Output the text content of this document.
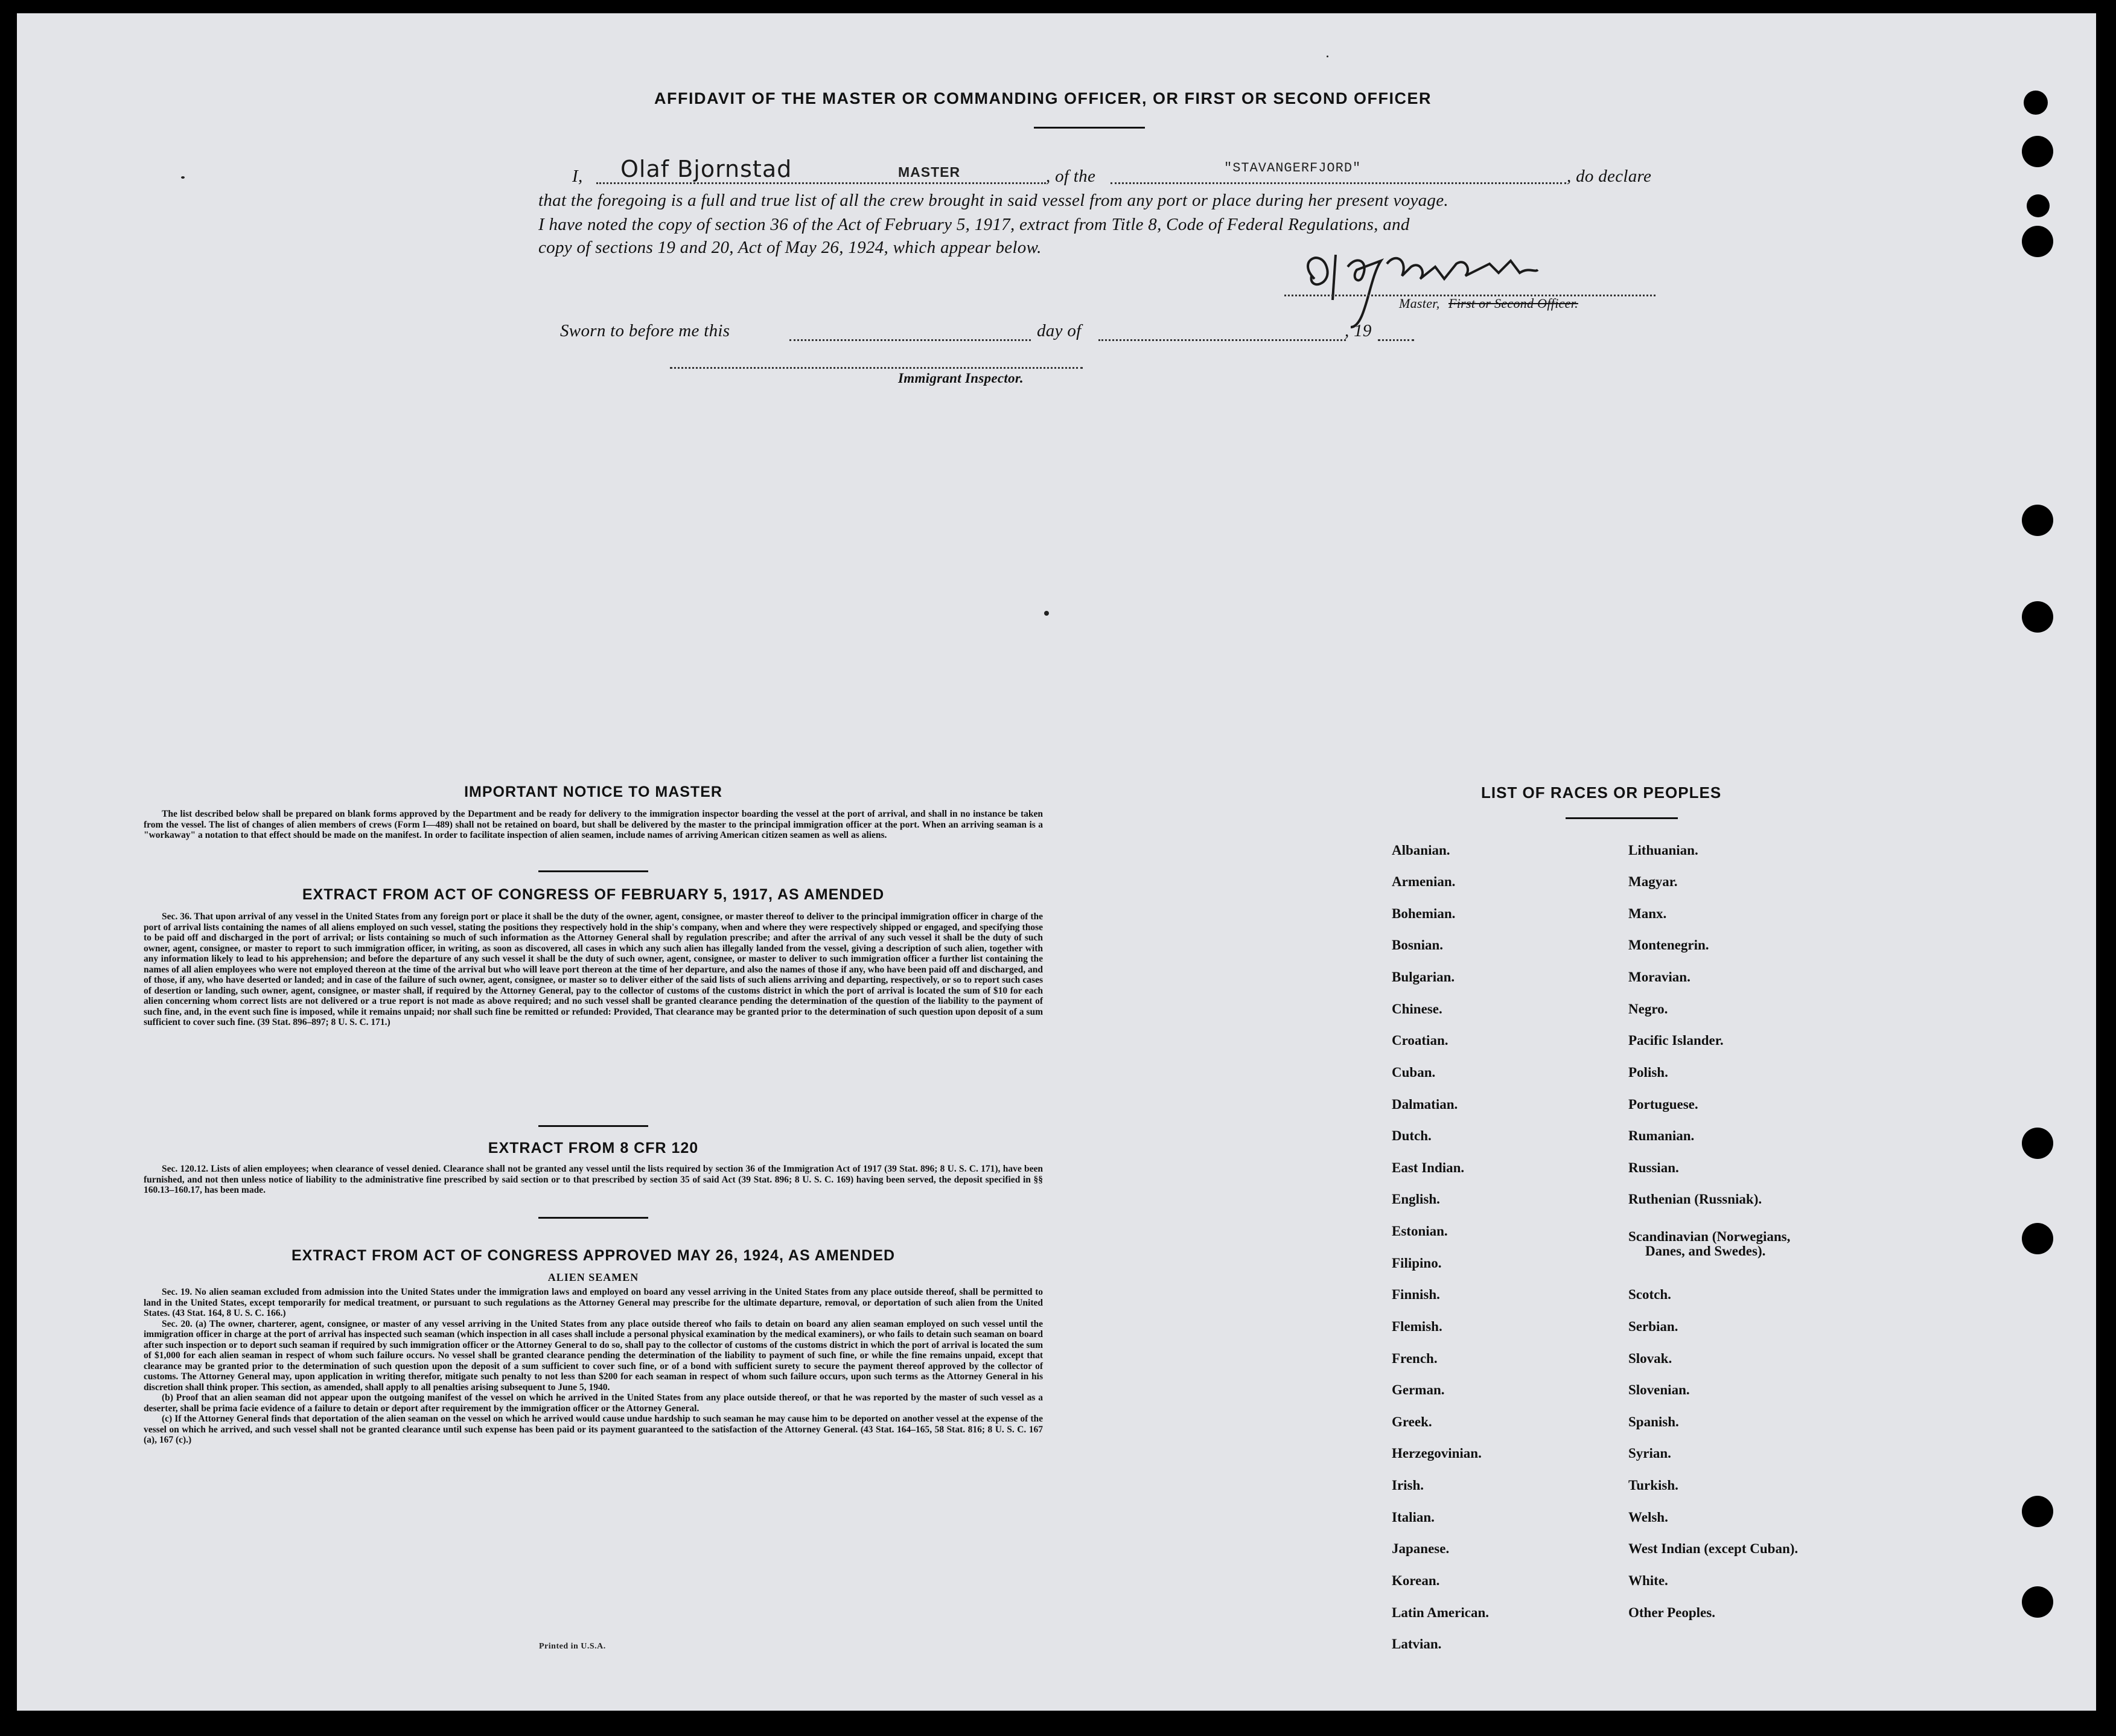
AFFIDAVIT OF THE MASTER OR COMMANDING OFFICER, OR FIRST OR SECOND OFFICER
I, Olaf Bjornstad	MASTER	, of the	"STAVANGERFJORD"	, do declare
that the foregoing is a full and true list of all the crew brought in said vessel from any port or place during her present voyage.
I have noted the copy of section 36 of the Act of February 5, 1917, extract from Title 8, Code of Federal Regulations, and
copy of sections 19 and 20, Act of May 26, 1924, which appear below.
Master, First or Second Officer.
Sworn to before me this	day of	, 19
Immigrant Inspector.
IMPORTANT NOTICE TO MASTER

The list described below shall be prepared on blank forms approved by the Department and be ready for delivery to the immigration inspector boarding the vessel at the port of arrival, and shall in no instance be taken from the vessel. The list of changes of alien members of crews (Form I—489) shall not be retained on board, but shall be delivered by the master to the principal immigration officer at the port. When an arriving seaman is a "workaway" a notation to that effect should be made on the manifest. In order to facilitate inspection of alien seamen, include names of arriving American citizen seamen as well as aliens.

EXTRACT FROM ACT OF CONGRESS OF FEBRUARY 5, 1917, AS AMENDED

Sec. 36. That upon arrival of any vessel in the United States from any foreign port or place it shall be the duty of the owner, agent, consignee, or master thereof to deliver to the principal immigration officer in charge of the port of arrival lists containing the names of all aliens employed on such vessel, stating the positions they respectively hold in the ship's company, when and where they were respectively shipped or engaged, and specifying those to be paid off and discharged in the port of arrival; or lists containing so much of such information as the Attorney General shall by regulation prescribe; and after the arrival of any such vessel it shall be the duty of such owner, agent, consignee, or master to report to such immigration officer, in writing, as soon as discovered, all cases in which any such alien has illegally landed from the vessel, giving a description of such alien, together with any information likely to lead to his apprehension; and before the departure of any such vessel it shall be the duty of such owner, agent, consignee, or master to deliver to such immigration officer a further list containing the names of all alien employees who were not employed thereon at the time of the arrival but who will leave port thereon at the time of her departure, and also the names of those if any, who have been paid off and discharged, and of those, if any, who have deserted or landed; and in case of the failure of such owner, agent, consignee, or master so to deliver either of the said lists of such aliens arriving and departing, respectively, or so to report such cases of desertion or landing, such owner, agent, consignee, or master shall, if required by the Attorney General, pay to the collector of customs of the customs district in which the port of arrival is located the sum of $10 for each alien concerning whom correct lists are not delivered or a true report is not made as above required; and no such vessel shall be granted clearance pending the determination of the question of the liability to the payment of such fine, and, in the event such fine is imposed, while it remains unpaid; nor shall such fine be remitted or refunded: Provided, That clearance may be granted prior to the determination of such question upon deposit of a sum sufficient to cover such fine. (39 Stat. 896–897; 8 U. S. C. 171.)

EXTRACT FROM 8 CFR 120

Sec. 120.12. Lists of alien employees; when clearance of vessel denied. Clearance shall not be granted any vessel until the lists required by section 36 of the Immigration Act of 1917 (39 Stat. 896; 8 U. S. C. 171), have been furnished, and not then unless notice of liability to the administrative fine prescribed by said section or to that prescribed by section 35 of said Act (39 Stat. 896; 8 U. S. C. 169) having been served, the deposit specified in §§ 160.13–160.17, has been made.

EXTRACT FROM ACT OF CONGRESS APPROVED MAY 26, 1924, AS AMENDED
ALIEN SEAMEN

Sec. 19. No alien seaman excluded from admission into the United States under the immigration laws and employed on board any vessel arriving in the United States from any place outside thereof, shall be permitted to land in the United States, except temporarily for medical treatment, or pursuant to such regulations as the Attorney General may prescribe for the ultimate departure, removal, or deportation of such alien from the United States. (43 Stat. 164, 8 U. S. C. 166.)

Sec. 20. (a) The owner, charterer, agent, consignee, or master of any vessel arriving in the United States from any place outside thereof who fails to detain on board any alien seaman employed on such vessel until the immigration officer in charge at the port of arrival has inspected such seaman (which inspection in all cases shall include a personal physical examination by the medical examiners), or who fails to detain such seaman on board after such inspection or to deport such seaman if required by such immigration officer or the Attorney General to do so, shall pay to the collector of customs of the customs district in which the port of arrival is located the sum of $1,000 for each alien seaman in respect of whom such failure occurs. No vessel shall be granted clearance pending the determination of the liability to payment of such fine, or while the fine remains unpaid, except that clearance may be granted prior to the determination of such question upon the deposit of a sum sufficient to cover such fine, or of a bond with sufficient surety to secure the payment thereof approved by the collector of customs. The Attorney General may, upon application in writing therefor, mitigate such penalty to not less than $200 for each seaman in respect of whom such failure occurs, upon such terms as the Attorney General in his discretion shall think proper. This section, as amended, shall apply to all penalties arising subsequent to June 5, 1940.

(b) Proof that an alien seaman did not appear upon the outgoing manifest of the vessel on which he arrived in the United States from any place outside thereof, or that he was reported by the master of such vessel as a deserter, shall be prima facie evidence of a failure to detain or deport after requirement by the immigration officer or the Attorney General.

(c) If the Attorney General finds that deportation of the alien seaman on the vessel on which he arrived would cause undue hardship to such seaman he may cause him to be deported on another vessel at the expense of the vessel on which he arrived, and such vessel shall not be granted clearance until such expense has been paid or its payment guaranteed to the satisfaction of the Attorney General. (43 Stat. 164–165, 58 Stat. 816; 8 U. S. C. 167 (a), 167 (c).)

Printed in U.S.A.
LIST OF RACES OR PEOPLES
Albanian.
Armenian.
Bohemian.
Bosnian.
Bulgarian.
Chinese.
Croatian.
Cuban.
Dalmatian.
Dutch.
East Indian.
English.
Estonian.
Filipino.
Finnish.
Flemish.
French.
German.
Greek.
Herzegovinian.
Irish.
Italian.
Japanese.
Korean.
Latin American.
Latvian.
Lithuanian.
Magyar.
Manx.
Montenegrin.
Moravian.
Negro.
Pacific Islander.
Polish.
Portuguese.
Rumanian.
Russian.
Ruthenian (Russniak).
Scandinavian (Norwegians,
Danes, and Swedes).
Scotch.
Serbian.
Slovak.
Slovenian.
Spanish.
Syrian.
Turkish.
Welsh.
West Indian (except Cuban).
White.
Other Peoples.
